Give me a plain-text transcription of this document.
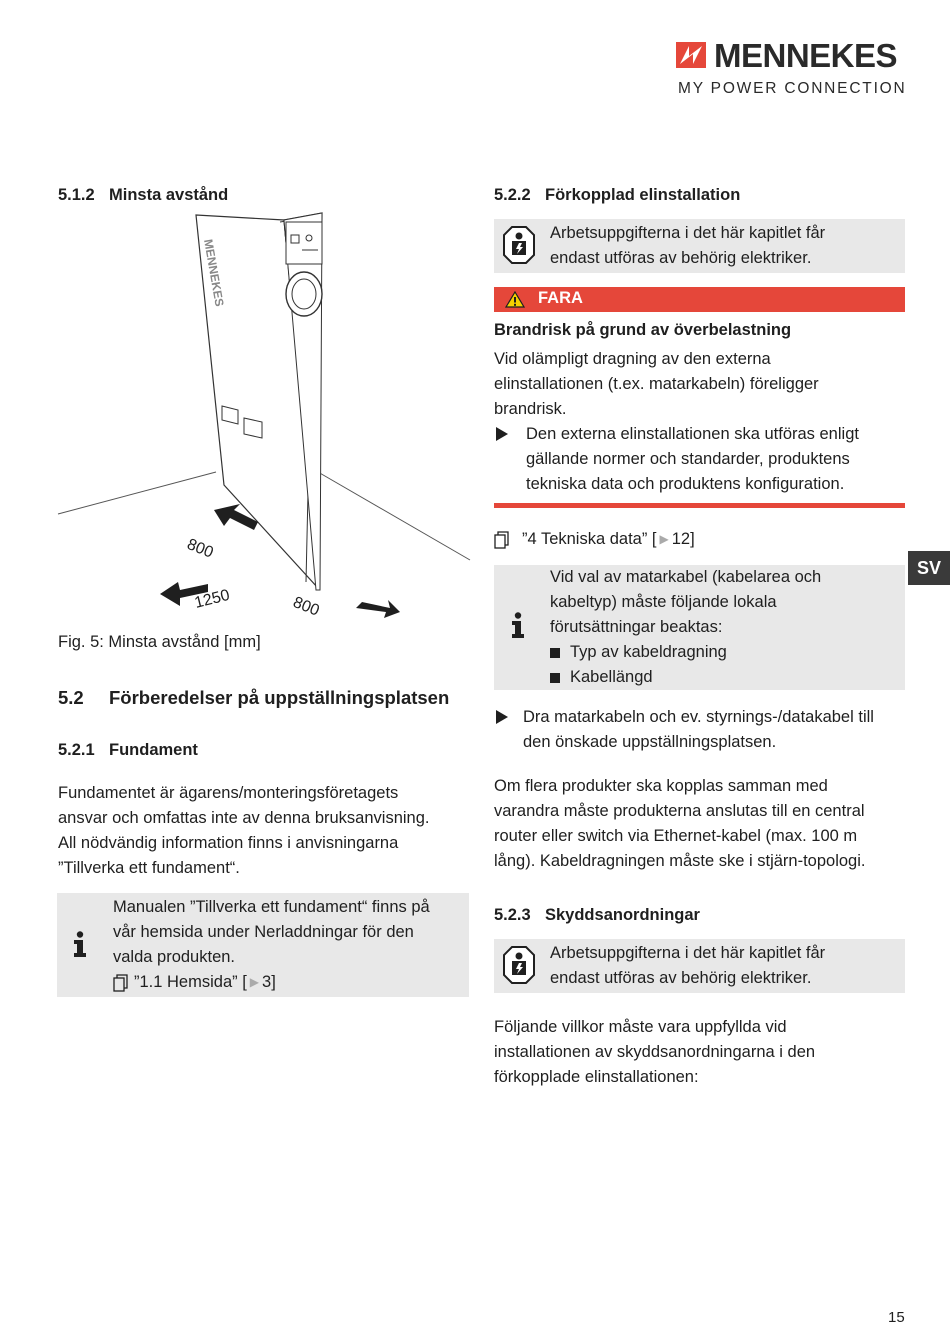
MENNEKES
MY POWER CONNECTION
5.1.2 Minsta avstånd
MENNEKES
800
1250	800
Fig. 5: Minsta avstånd [mm]
5.2 Förberedelser på uppställningsplatsen
5.2.1 Fundament
Fundamentet är ägarens/monteringsföretagets
ansvar och omfattas inte av denna bruksanvisning.
All nödvändig information finns i anvisningarna
”Tillverka ett fundament“.
Manualen ”Tillverka ett fundament“ finns på
vår hemsida under Nerladdningar för den
valda produkten.
”1.1 Hemsida” [ ▶ 3]
5.2.2 Förkopplad elinstallation
Arbetsuppgifterna i det här kapitlet får
endast utföras av behörig elektriker.
FARA
Brandrisk på grund av överbelastning
Vid olämpligt dragning av den externa
elinstallationen (t.ex. matarkabeln) föreligger
brandrisk.
Den externa elinstallationen ska utföras enligt
gällande normer och standarder, produktens
tekniska data och produktens konfiguration.
”4 Tekniska data” [ ▶ 12]
Vid val av matarkabel (kabelarea och
kabeltyp) måste följande lokala
förutsättningar beaktas:
Typ av kabeldragning
Kabellängd
Dra matarkabeln och ev. styrnings-/datakabel till
den önskade uppställningsplatsen.
Om flera produkter ska kopplas samman med
varandra måste produkterna anslutas till en central
router eller switch via Ethernet-kabel (max. 100 m
lång). Kabeldragningen måste ske i stjärn-topologi.
5.2.3 Skyddsanordningar
Arbetsuppgifterna i det här kapitlet får
endast utföras av behörig elektriker.
Följande villkor måste vara uppfyllda vid
installationen av skyddsanordningarna i den
förkopplade elinstallationen:
SV
15
